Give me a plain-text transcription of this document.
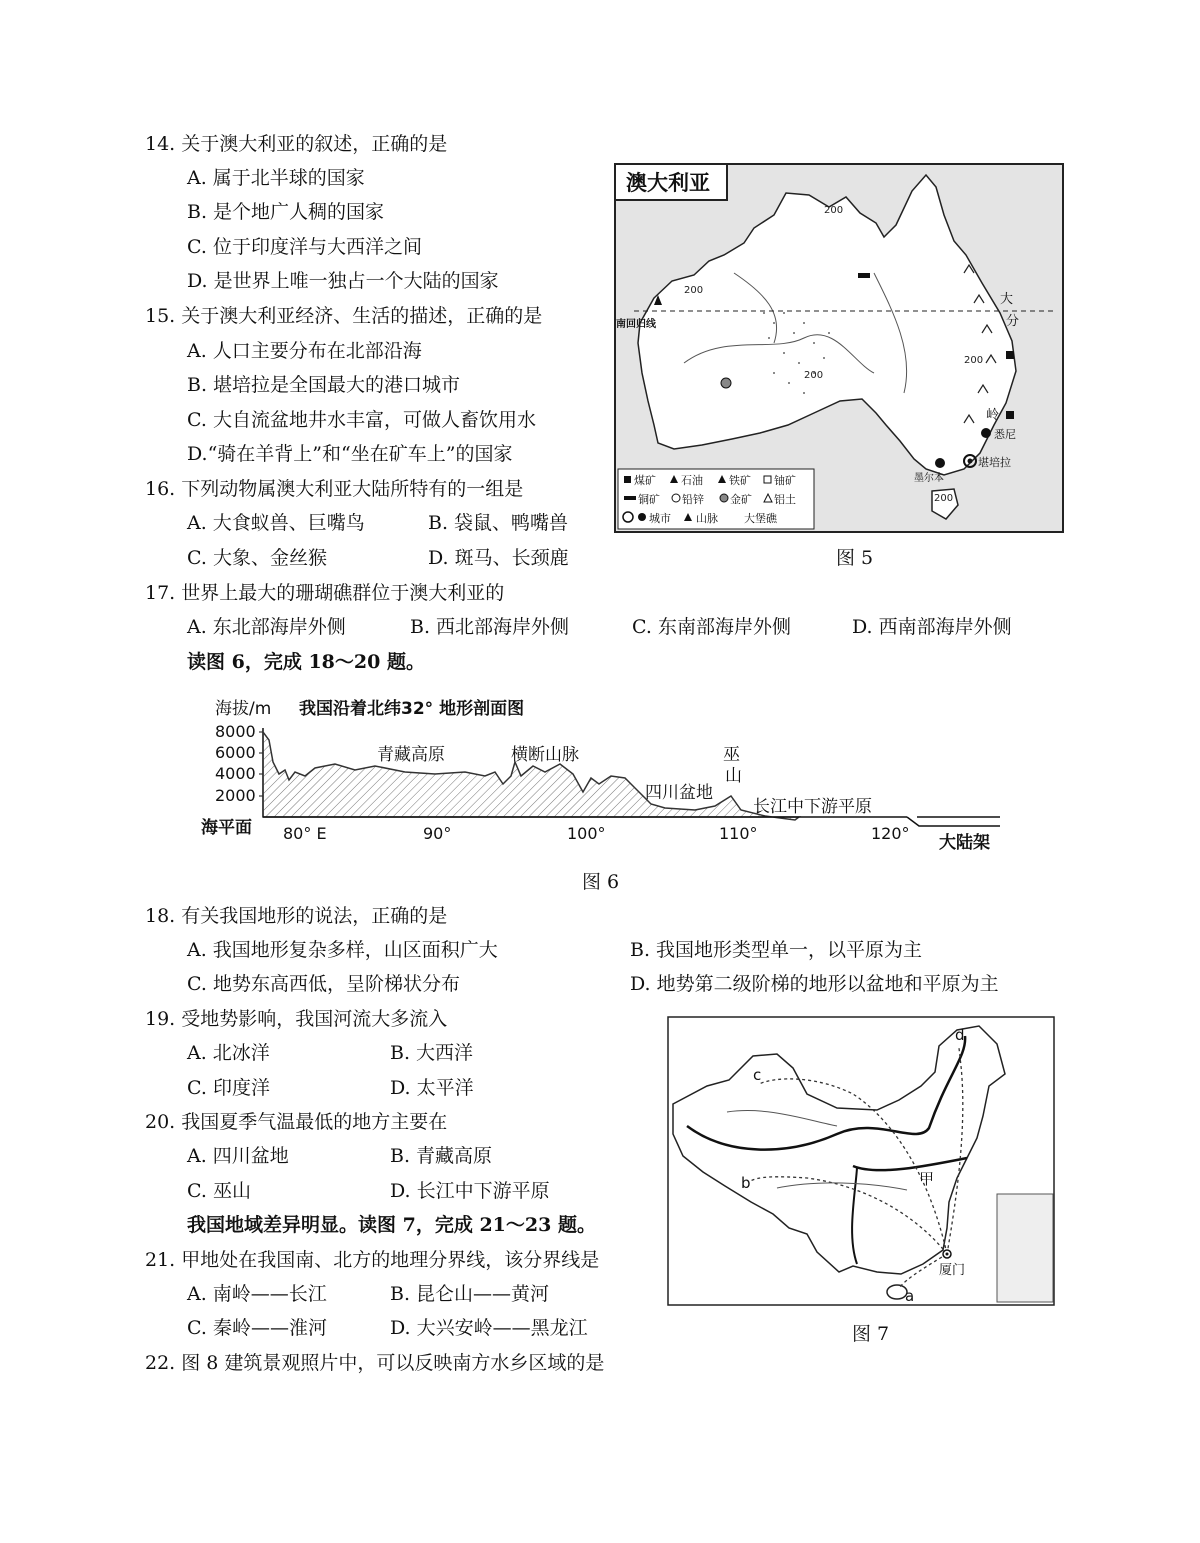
14. 关于澳大利亚的叙述，正确的是
A. 属于北半球的国家
B. 是个地广人稠的国家
C. 位于印度洋与大西洋之间
D. 是世界上唯一独占一个大陆的国家
15. 关于澳大利亚经济、生活的描述，正确的是
A. 人口主要分布在北部沿海
B. 堪培拉是全国最大的港口城市
C. 大自流盆地井水丰富，可做人畜饮用水
D.“骑在羊背上”和“坐在矿车上”的国家
16. 下列动物属澳大利亚大陆所特有的一组是
A. 大食蚁兽、巨嘴鸟	B. 袋鼠、鸭嘴兽
C. 大象、金丝猴	D. 斑马、长颈鹿
17. 世界上最大的珊瑚礁群位于澳大利亚的
A. 东北部海岸外侧	B. 西北部海岸外侧	C. 东南部海岸外侧	D. 西南部海岸外侧
读图 6，完成 18～20 题。
澳大利亚
南回归线
200
200
200
200
200
大
分
岭
悉尼
堪培拉
墨尔本
煤矿 石油 铁矿 铀矿
铜矿 铅锌 金矿 铝土
城市 山脉 大堡礁
图 5
海拔/m 我国沿着北纬32° 地形剖面图
8000
6000
4000
2000
海平面 80° E	90°	100°	110°	120°
青藏高原	横断山脉	巫
山
四川盆地
长江中下游平原
大陆架
图 6
18. 有关我国地形的说法，正确的是
A. 我国地形复杂多样，山区面积广大	B. 我国地形类型单一，以平原为主
C. 地势东高西低，呈阶梯状分布	D. 地势第二级阶梯的地形以盆地和平原为主
19. 受地势影响，我国河流大多流入
A. 北冰洋	B. 大西洋
C. 印度洋	D. 太平洋
20. 我国夏季气温最低的地方主要在
A. 四川盆地	B. 青藏高原
C. 巫山	D. 长江中下游平原
我国地域差异明显。读图 7，完成 21～23 题。
21. 甲地处在我国南、北方的地理分界线，该分界线是
A. 南岭——长江	B. 昆仑山——黄河
C. 秦岭——淮河	D. 大兴安岭——黑龙江
22. 图 8 建筑景观照片中，可以反映南方水乡区域的是
厦门
甲
a
b
c
d
图 7
